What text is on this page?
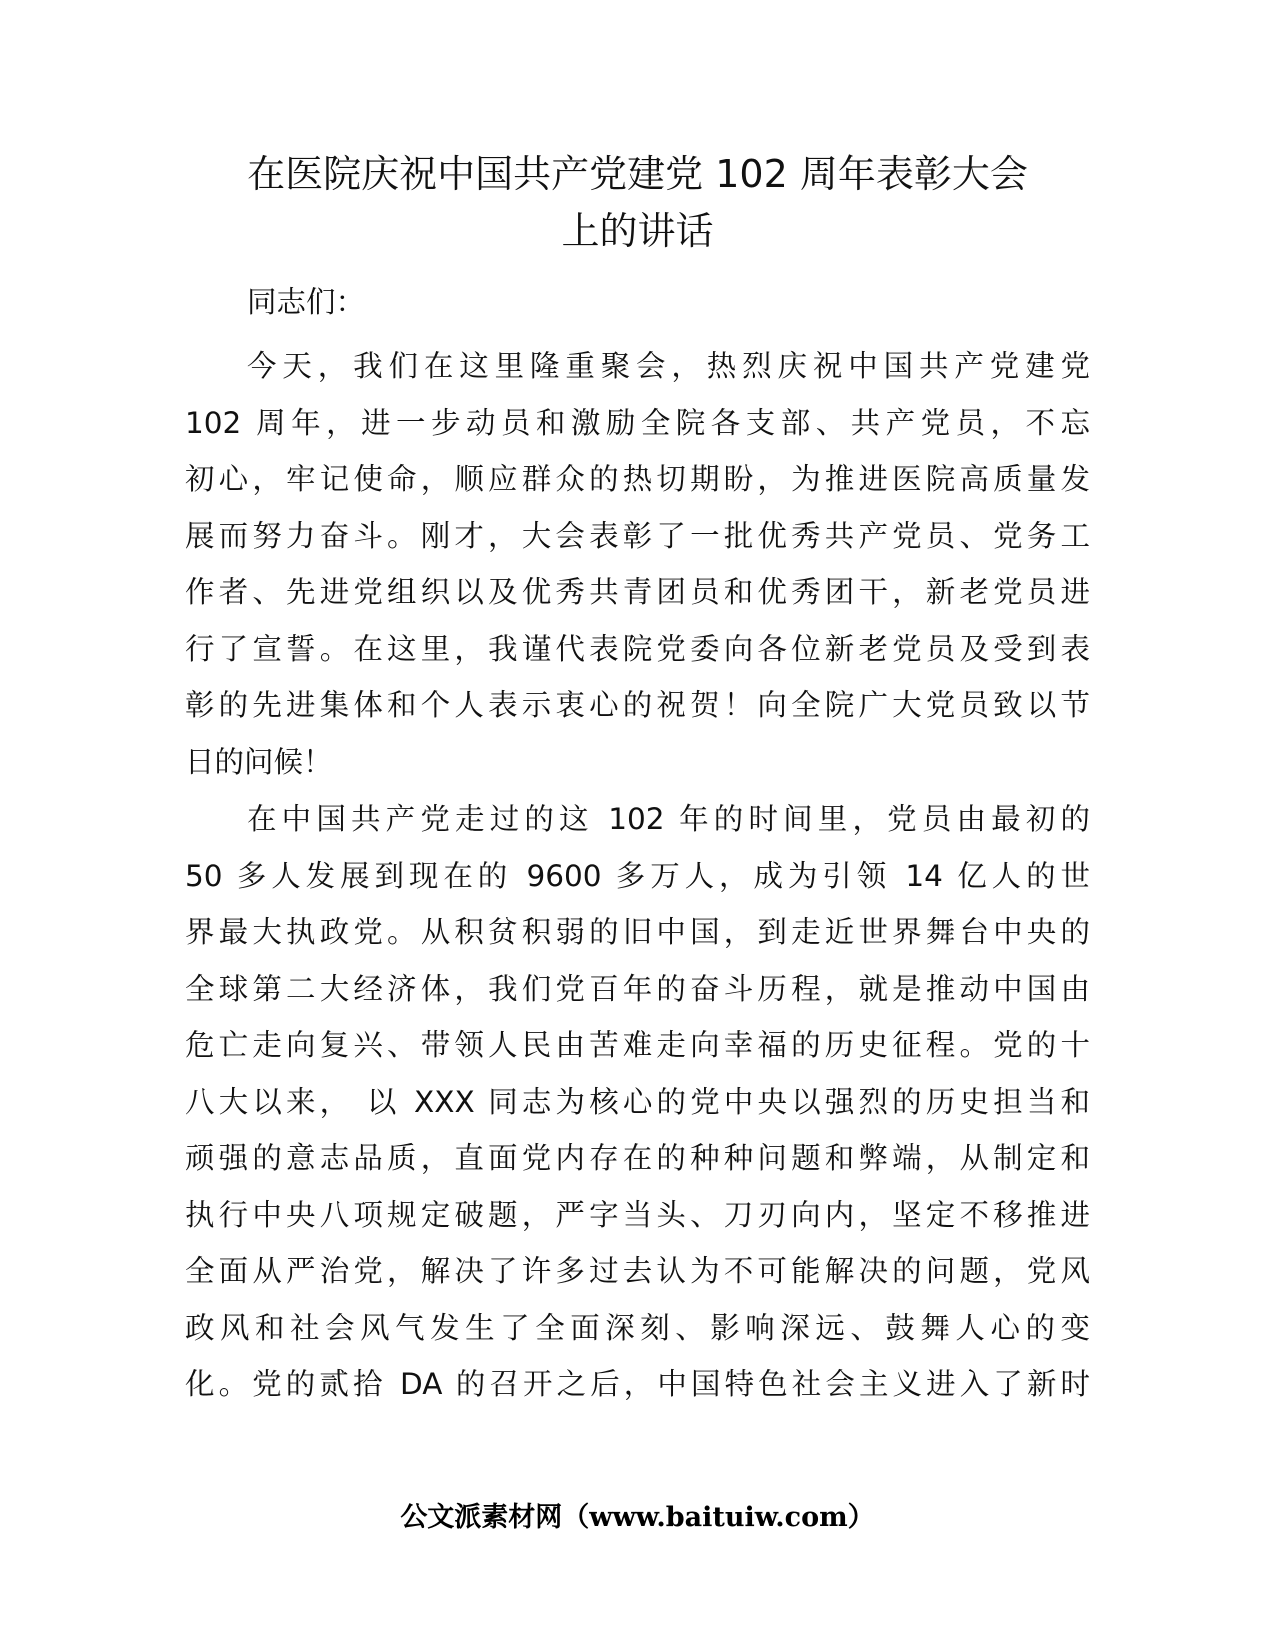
在医院庆祝中国共产党建党 102 周年表彰大会
上的讲话
同志们：
今天，我们在这里隆重聚会，热烈庆祝中国共产党建党
102 周年，进一步动员和激励全院各支部、共产党员，不忘
初心，牢记使命，顺应群众的热切期盼，为推进医院高质量发
展而努力奋斗。刚才，大会表彰了一批优秀共产党员、党务工
作者、先进党组织以及优秀共青团员和优秀团干，新老党员进
行了宣誓。在这里，我谨代表院党委向各位新老党员及受到表
彰的先进集体和个人表示衷心的祝贺！向全院广大党员致以节
日的问候！
在中国共产党走过的这 102 年的时间里，党员由最初的
50 多人发展到现在的 9600 多万人，成为引领 14 亿人的世
界最大执政党。从积贫积弱的旧中国，到走近世界舞台中央的
全球第二大经济体，我们党百年的奋斗历程，就是推动中国由
危亡走向复兴、带领人民由苦难走向幸福的历史征程。党的十
八大以来， 以 XXX 同志为核心的党中央以强烈的历史担当和
顽强的意志品质，直面党内存在的种种问题和弊端，从制定和
执行中央八项规定破题，严字当头、刀刃向内，坚定不移推进
全面从严治党，解决了许多过去认为不可能解决的问题，党风
政风和社会风气发生了全面深刻、影响深远、鼓舞人心的变
化。党的贰拾 DA 的召开之后，中国特色社会主义进入了新时
公文派素材网（www.baituiw.com）
